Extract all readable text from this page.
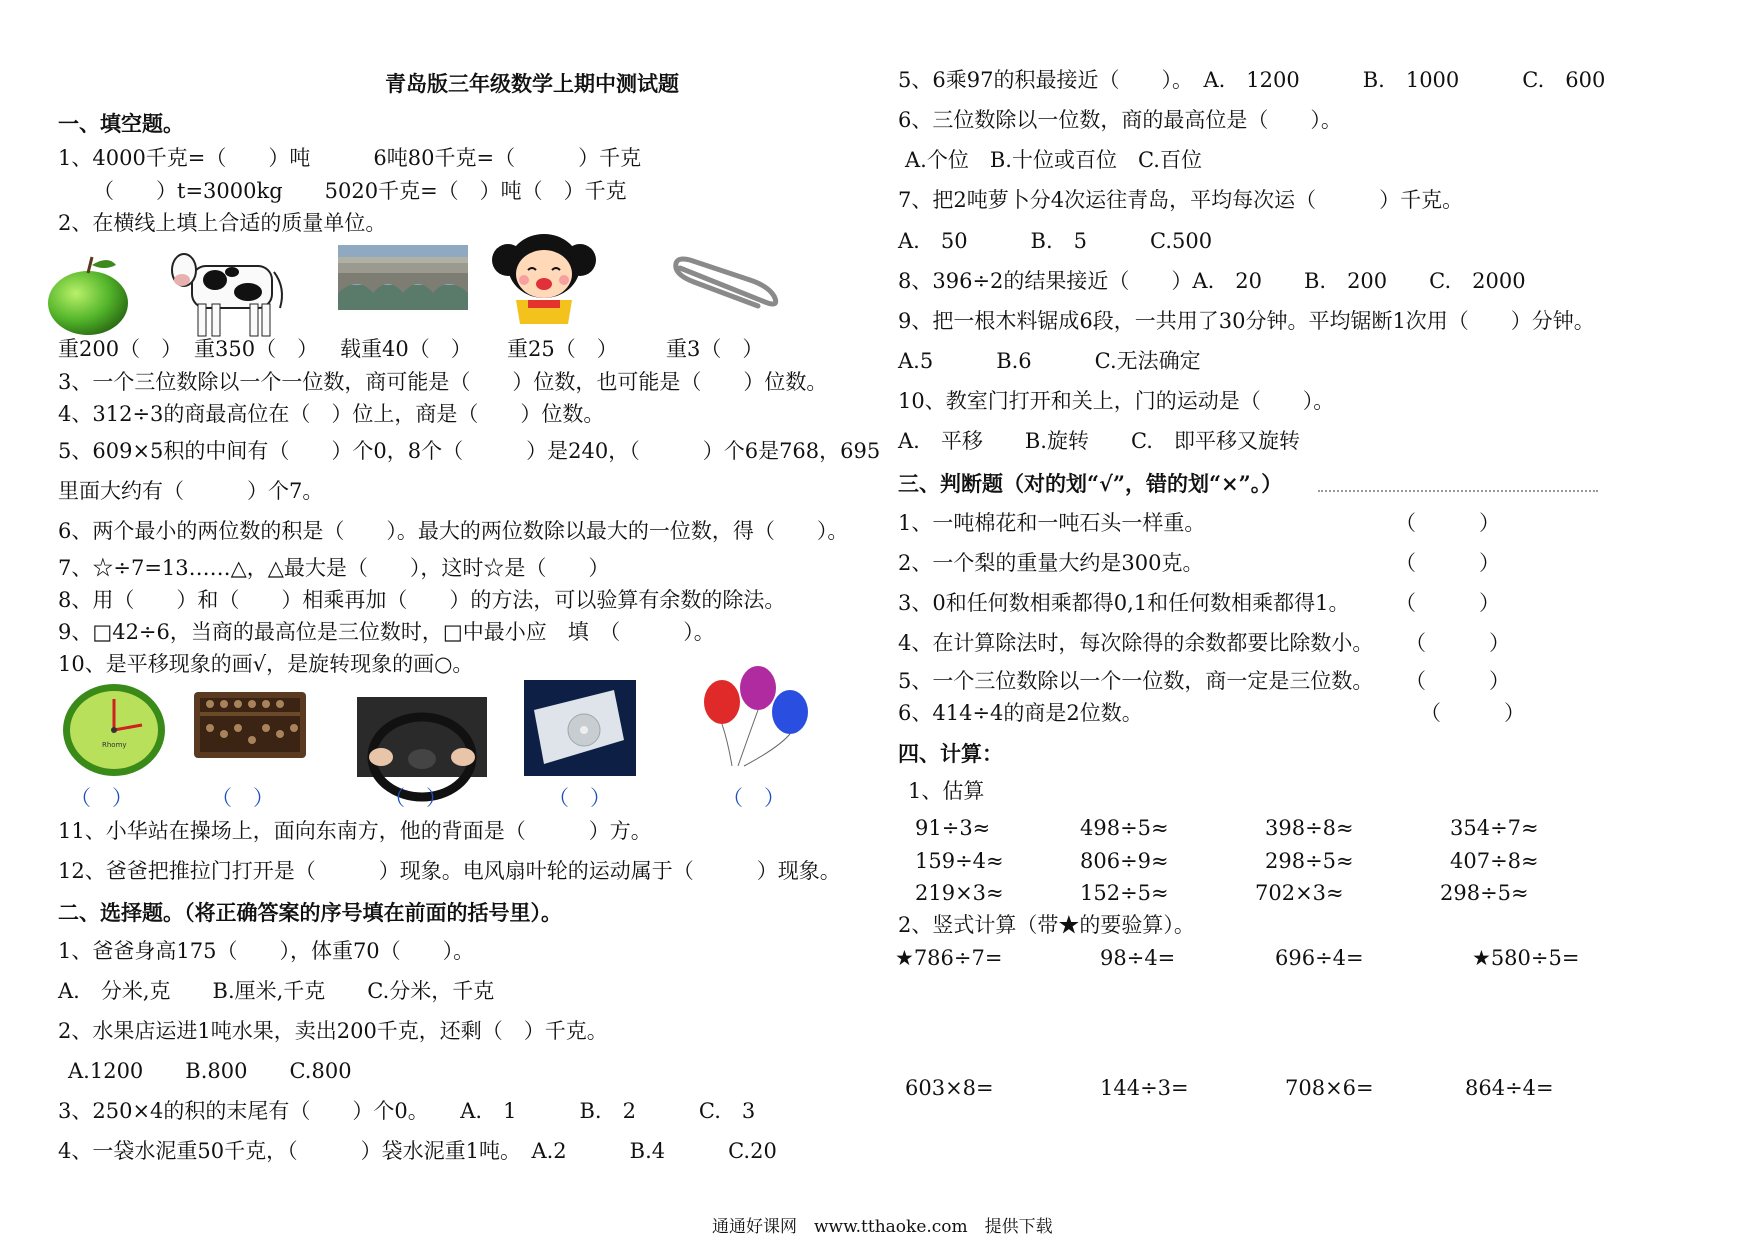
青岛版三年级数学上期中测试题
一、填空题。
1、4000千克=（　　）吨　　　6吨80千克=（　　　）千克
（　　）t=3000kg　　5020千克=（　）吨（　）千克
2、在横线上填上合适的质量单位。
重200（　） 重350（　） 载重40（　） 重25（　） 重3（　）
3、一个三位数除以一个一位数，商可能是（　　）位数，也可能是（　　）位数。
4、312÷3的商最高位在（　）位上，商是（　　）位数。
5、609×5积的中间有（　　）个0，8个（　　　）是240，（　　　）个6是768，695
里面大约有（　　　）个7。
6、两个最小的两位数的积是（　　）。最大的两位数除以最大的一位数，得（　　）。
7、☆÷7=13……△，△最大是（　　），这时☆是（　　）
8、用（　　）和（　　）相乘再加（　　）的方法，可以验算有余数的除法。
9、□42÷6，当商的最高位是三位数时，□中最小应　填　（　　　）。
10、是平移现象的画√，是旋转现象的画○。
Rhomy
（　）	（　）	（　）	（　）	（　）
11、小华站在操场上，面向东南方，他的背面是（　　　）方。
12、爸爸把推拉门打开是（　　　）现象。电风扇叶轮的运动属于（　　　）现象。
二、选择题。（将正确答案的序号填在前面的括号里）。
1、爸爸身高175（　　），体重70（　　）。
A.　分米,克　　B.厘米,千克　　C.分米，千克
2、水果店运进1吨水果，卖出200千克，还剩（　）千克。
A.1200　　B.800　　C.800
3、250×4的积的末尾有（　　）个0。　　A.　1　　　B.　2　　　C.　3
4、一袋水泥重50千克，（　　　）袋水泥重1吨。　A.2　　　B.4　　　C.20
5、6乘97的积最接近（　　）。　A.　1200　　　B.　1000　　　C.　600
6、三位数除以一位数，商的最高位是（　　）。
A.个位　B.十位或百位　C.百位
7、把2吨萝卜分4次运往青岛，平均每次运（　　　）千克。
A.　50　　　B.　5　　　C.500
8、396÷2的结果接近（　　）A.　20　　B.　200　　C.　2000
9、把一根木料锯成6段，一共用了30分钟。平均锯断1次用（　　）分钟。
A.5　　　B.6　　　C.无法确定
10、教室门打开和关上，门的运动是（　　）。
A.　平移　　B.旋转　　C.　即平移又旋转
三、判断题（对的划“√”，错的划“×”。）
1、一吨棉花和一吨石头一样重。	（　　　）
2、一个梨的重量大约是300克。	（　　　）
3、0和任何数相乘都得0,1和任何数相乘都得1。 （　　　）
4、在计算除法时，每次除得的余数都要比除数小。 （　　　）
5、一个三位数除以一个一位数，商一定是三位数。 （　　　）
6、414÷4的商是2位数。	（　　　）
四、计算：
1、估算
91÷3≈	498÷5≈	398÷8≈	354÷7≈
159÷4≈	806÷9≈	298÷5≈	407÷8≈
219×3≈	152÷5≈	702×3≈	298÷5≈
2、竖式计算（带★的要验算）。
★786÷7=	98÷4=	696÷4=	★580÷5=
603×8=	144÷3=	708×6=	864÷4=
通通好课网　www.tthaoke.com　提供下载
